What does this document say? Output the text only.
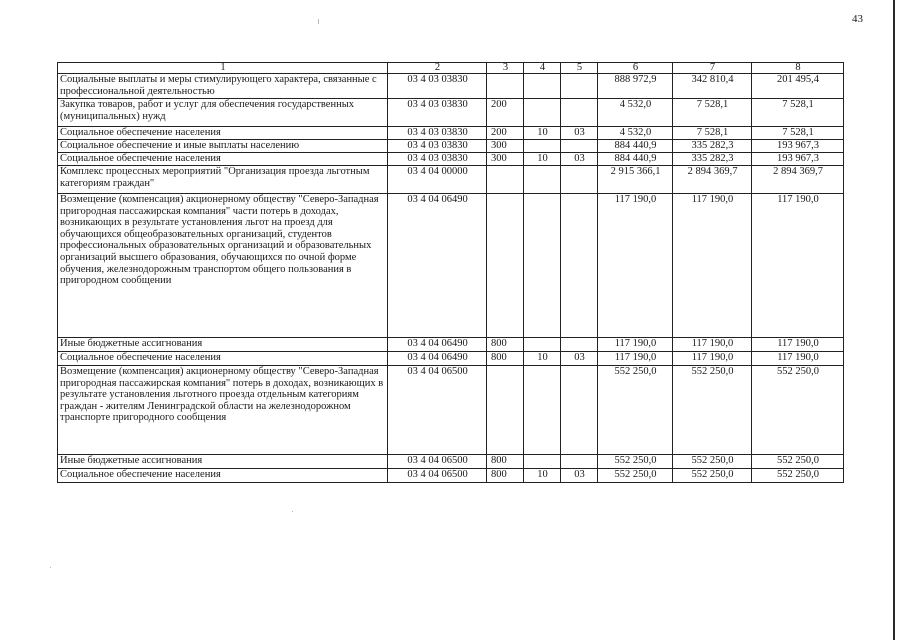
43
1	2	3	4	5	6	7	8
Социальные выплаты и меры стимулирующего характера, связанные с профессиональной деятельностью	03 4 03 03830				888 972,9	342 810,4	201 495,4
Закупка товаров, работ и услуг для обеспечения государственных (муниципальных) нужд	03 4 03 03830	200			4 532,0	7 528,1	7 528,1
Социальное обеспечение населения	03 4 03 03830	200	10	03	4 532,0	7 528,1	7 528,1
Социальное обеспечение и иные выплаты населению	03 4 03 03830	300			884 440,9	335 282,3	193 967,3
Социальное обеспечение населения	03 4 03 03830	300	10	03	884 440,9	335 282,3	193 967,3
Комплекс процессных мероприятий "Организация проезда льготным категориям граждан"	03 4 04 00000				2 915 366,1	2 894 369,7	2 894 369,7
Возмещение (компенсация) акционерному обществу "Северо-Западная пригородная пассажирская компания" части потерь в доходах, возникающих в результате установления льгот на проезд для обучающихся общеобразовательных организаций, студентов профессиональных образовательных организаций и образовательных организаций высшего образования, обучающихся по очной форме обучения, железнодорожным транспортом общего пользования в пригородном сообщении	03 4 04 06490				117 190,0	117 190,0	117 190,0
Иные бюджетные ассигнования	03 4 04 06490	800			117 190,0	117 190,0	117 190,0
Социальное обеспечение населения	03 4 04 06490	800	10	03	117 190,0	117 190,0	117 190,0
Возмещение (компенсация) акционерному обществу "Северо-Западная пригородная пассажирская компания" потерь в доходах, возникающих в результате установления льготного проезда отдельным категориям граждан - жителям Ленинградской области на железнодорожном транспорте пригородного сообщения	03 4 04 06500				552 250,0	552 250,0	552 250,0
Иные бюджетные ассигнования	03 4 04 06500	800			552 250,0	552 250,0	552 250,0
Социальное обеспечение населения	03 4 04 06500	800	10	03	552 250,0	552 250,0	552 250,0
